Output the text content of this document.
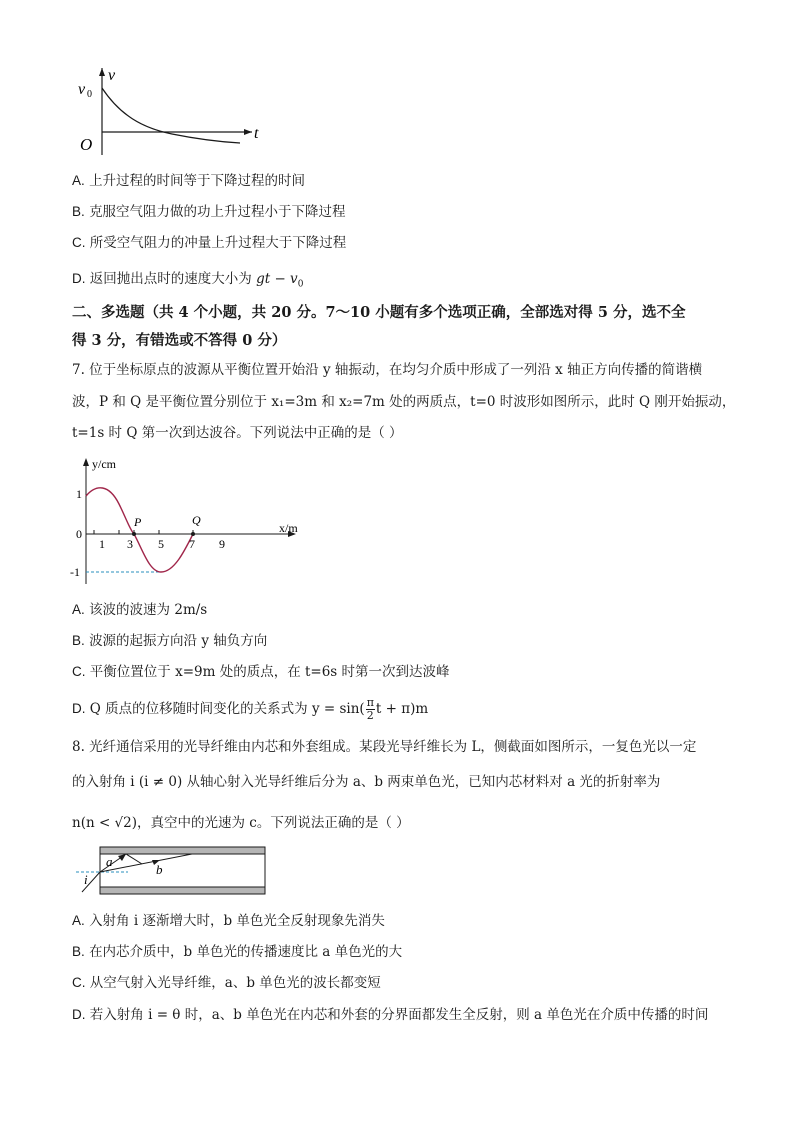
v
v 0
O
t
A. 上升过程的时间等于下降过程的时间
B. 克服空气阻力做的功上升过程小于下降过程
C. 所受空气阻力的冲量上升过程大于下降过程
D. 返回抛出点时的速度大小为 gt − $v_0$
二、多选题（共 4 个小题，共 20 分。7～10 小题有多个选项正确，全部选对得 5 分，选不全
得 3 分，有错选或不答得 0 分）
7. 位于坐标原点的波源从平衡位置开始沿 y 轴振动，在均匀介质中形成了一列沿 x 轴正方向传播的简谐横
波，P 和 Q 是平衡位置分别位于 x₁=3m 和 x₂=7m 处的两质点，t=0 时波形如图所示，此时 Q 刚开始振动，
t=1s 时 Q 第一次到达波谷。下列说法中正确的是（ ）
y/cm
x/m
1
0
-1
1 3 5 7 9
P	Q
A. 该波的波速为 2m/s
B. 波源的起振方向沿 y 轴负方向
C. 平衡位置位于 x=9m 处的质点，在 t=6s 时第一次到达波峰
D. Q 质点的位移随时间变化的关系式为 $y = \sin( \frac{\pi}{2}$ t + π)m
8. 光纤通信采用的光导纤维由内芯和外套组成。某段光导纤维长为 L，侧截面如图所示，一复色光以一定
的入射角 i (i ≠ 0) 从轴心射入光导纤维后分为 a、b 两束单色光，已知内芯材料对 a 光的折射率为
n(n < √2)，真空中的光速为 c。下列说法正确的是（ ）
a
b
i
A. 入射角 i 逐渐增大时，b 单色光全反射现象先消失
B. 在内芯介质中，b 单色光的传播速度比 a 单色光的大
C. 从空气射入光导纤维，a、b 单色光的波长都变短
D. 若入射角 i = θ 时，a、b 单色光在内芯和外套的分界面都发生全反射，则 a 单色光在介质中传播的时间
